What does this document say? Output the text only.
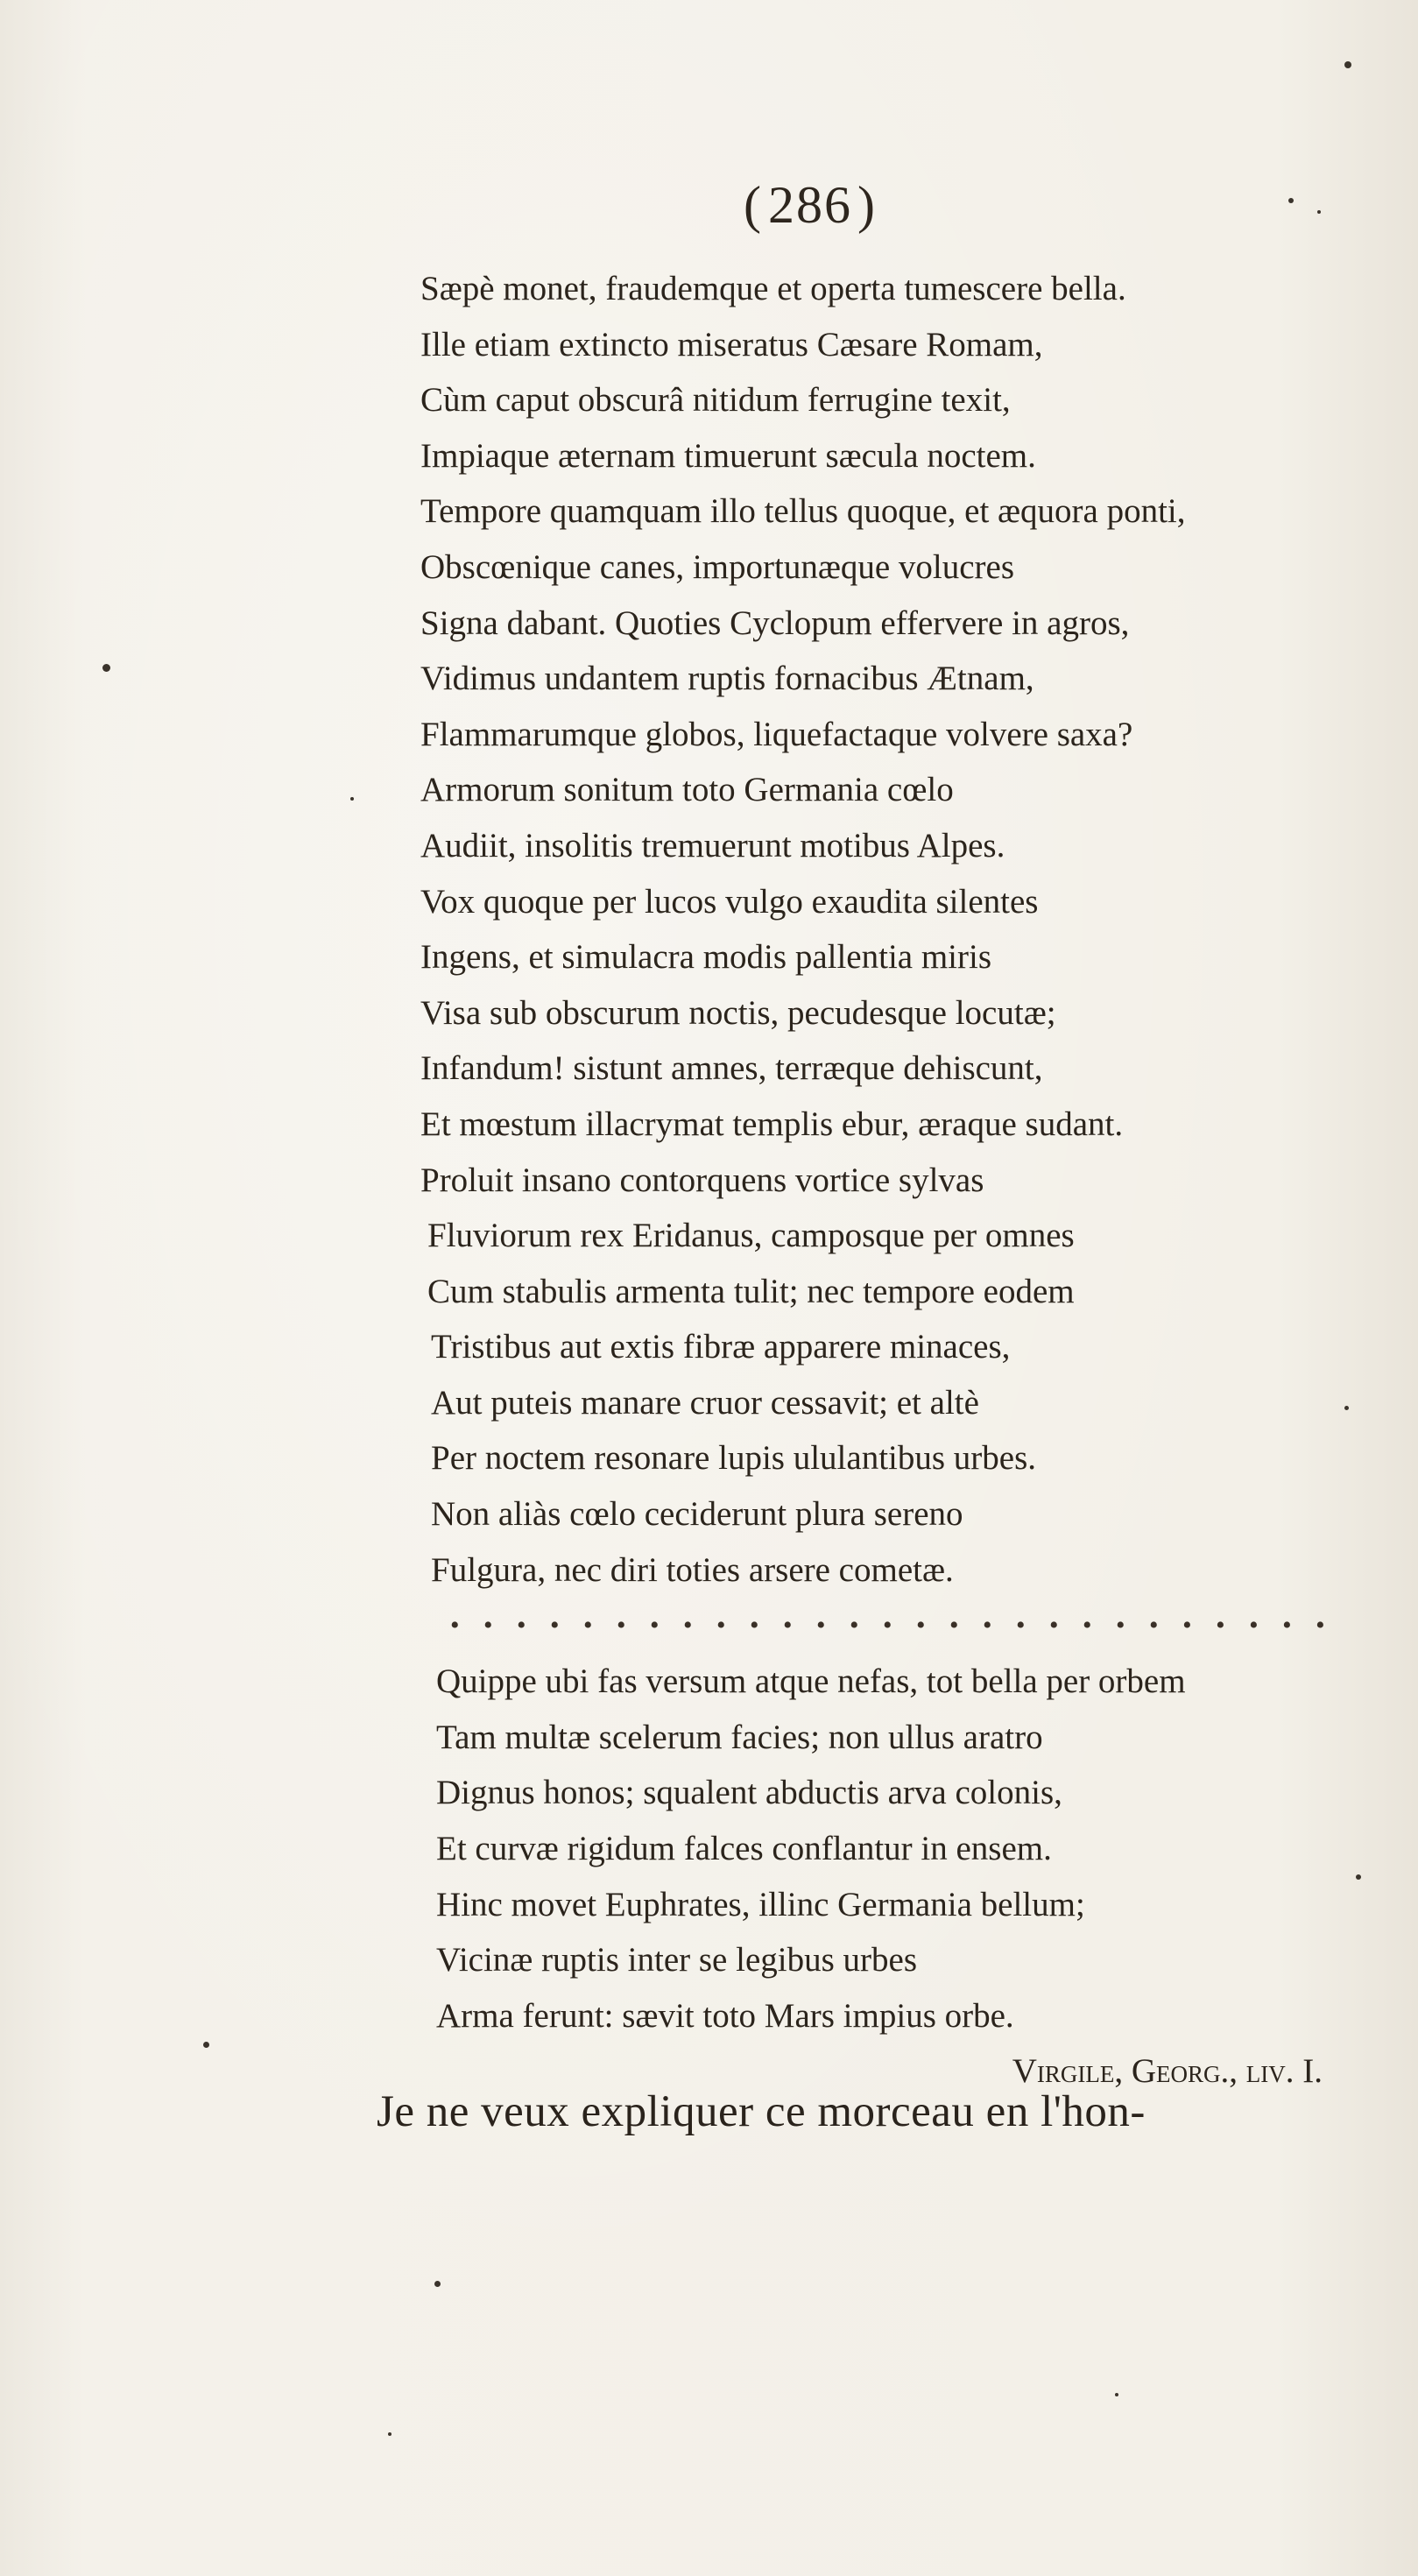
( 286 )
Sæpè monet, fraudemque et operta tumescere bella.
Ille etiam extincto miseratus Cæsare Romam,
Cùm caput obscurâ nitidum ferrugine texit,
Impiaque æternam timuerunt sæcula noctem.
Tempore quamquam illo tellus quoque, et æquora ponti,
Obscœnique canes, importunæque volucres
Signa dabant. Quoties Cyclopum effervere in agros,
Vidimus undantem ruptis fornacibus Ætnam,
Flammarumque globos, liquefactaque volvere saxa?
Armorum sonitum toto Germania cœlo
Audiit, insolitis tremuerunt motibus Alpes.
Vox quoque per lucos vulgo exaudita silentes
Ingens, et simulacra modis pallentia miris
Visa sub obscurum noctis, pecudesque locutæ;
Infandum! sistunt amnes, terræque dehiscunt,
Et mœstum illacrymat templis ebur, æraque sudant.
Proluit insano contorquens vortice sylvas
Fluviorum rex Eridanus, camposque per omnes
Cum stabulis armenta tulit; nec tempore eodem
Tristibus aut extis fibræ apparere minaces,
Aut puteis manare cruor cessavit; et altè
Per noctem resonare lupis ululantibus urbes.
Non aliàs cœlo ceciderunt plura sereno
Fulgura, nec diri toties arsere cometæ.
• • • • • • • • • • • • • • • • • • • • • • • • • • •
Quippe ubi fas versum atque nefas, tot bella per orbem
Tam multæ scelerum facies; non ullus aratro
Dignus honos; squalent abductis arva colonis,
Et curvæ rigidum falces conflantur in ensem.
Hinc movet Euphrates, illinc Germania bellum;
Vicinæ ruptis inter se legibus urbes
Arma ferunt: sævit toto Mars impius orbe.
Virgile, Georg., liv. I.
Je ne veux expliquer ce morceau en l'hon-
